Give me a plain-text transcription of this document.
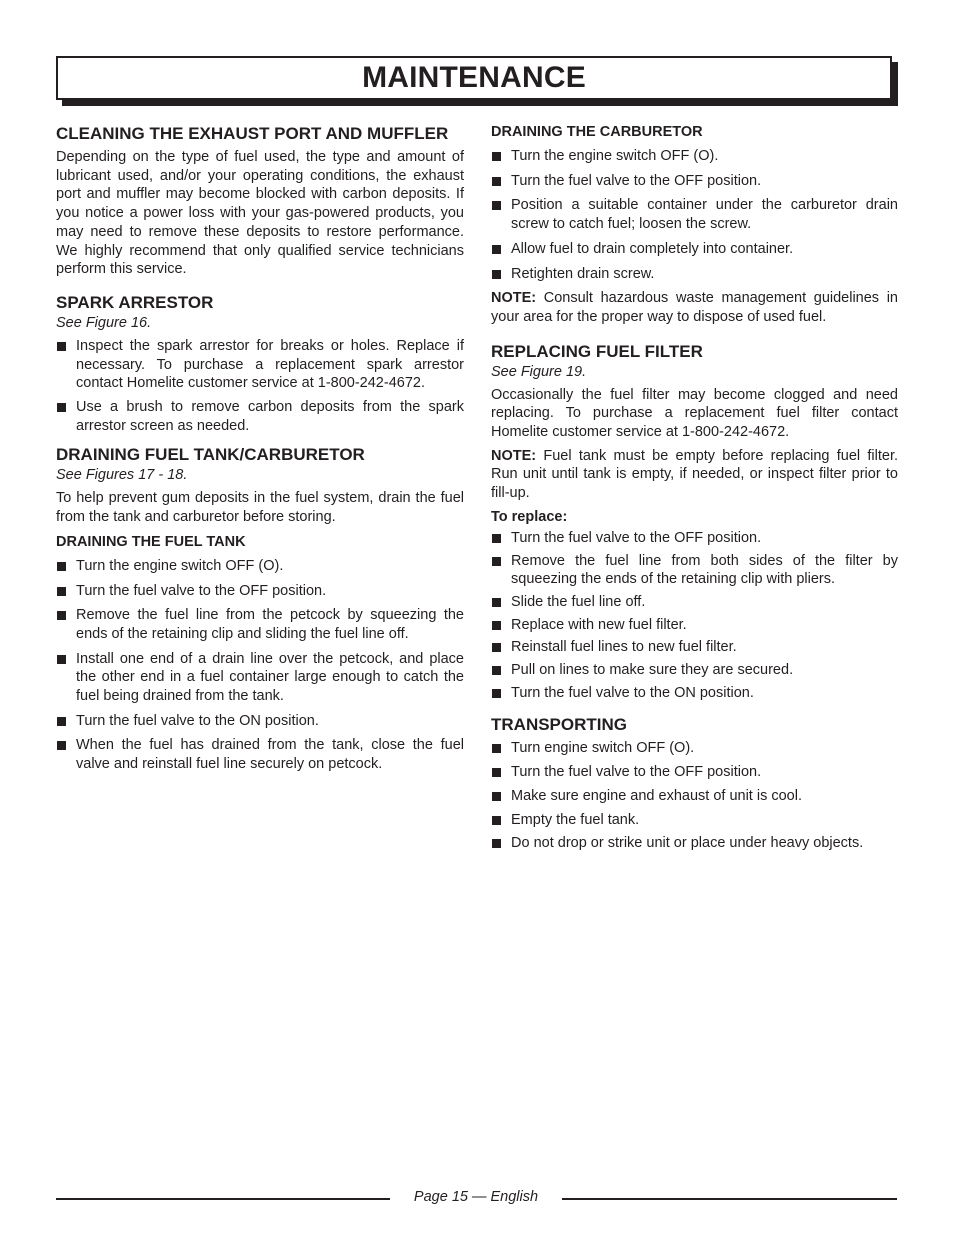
MAINTENANCE
CLEANING THE EXHAUST PORT AND MUFFLER

Depending on the type of fuel used, the type and amount of lubricant used, and/or your operating conditions, the exhaust port and muffler may become blocked with carbon deposits. If you notice a power loss with your gas-powered products, you may need to remove these deposits to restore performance. We highly recommend that only qualified service technicians perform this service.

SPARK ARRESTOR
See Figure 16.
Inspect the spark arrestor for breaks or holes. Replace if necessary. To purchase a replacement spark arrestor contact Homelite customer service at 1-800-242-4672.
Use a brush to remove carbon deposits from the spark arrestor screen as needed.
DRAINING FUEL TANK/CARBURETOR
See Figures 17 - 18.

To help prevent gum deposits in the fuel system, drain the fuel from the tank and carburetor before storing.

DRAINING THE FUEL TANK
Turn the engine switch OFF (O).
Turn the fuel valve to the OFF position.
Remove the fuel line from the petcock by squeezing the ends of the retaining clip and sliding the fuel line off.
Install one end of a drain line over the petcock, and place the other end in a fuel container large enough to catch the fuel being drained from the tank.
Turn the fuel valve to the ON position.
When the fuel has drained from the tank, close the fuel valve and reinstall fuel line securely on petcock.
DRAINING THE CARBURETOR
Turn the engine switch OFF (O).
Turn the fuel valve to the OFF position.
Position a suitable container under the carburetor drain screw to catch fuel; loosen the screw.
Allow fuel to drain completely into container.
Retighten drain screw.

NOTE: Consult hazardous waste management guidelines in your area for the proper way to dispose of used fuel.

REPLACING FUEL FILTER
See Figure 19.

Occasionally the fuel filter may become clogged and need replacing. To purchase a replacement fuel filter contact Homelite customer service at 1-800-242-4672.

NOTE: Fuel tank must be empty before replacing fuel filter. Run unit until tank is empty, if needed, or inspect filter prior to fill-up.

To replace:
Turn the fuel valve to the OFF position.
Remove the fuel line from both sides of the filter by squeezing the ends of the retaining clip with pliers.
Slide the fuel line off.
Replace with new fuel filter.
Reinstall fuel lines to new fuel filter.
Pull on lines to make sure they are secured.
Turn the fuel valve to the ON position.
TRANSPORTING
Turn engine switch OFF (O).
Turn the fuel valve to the OFF position.
Make sure engine and exhaust of unit is cool.
Empty the fuel tank.
Do not drop or strike unit or place under heavy objects.
Page 15 — English
